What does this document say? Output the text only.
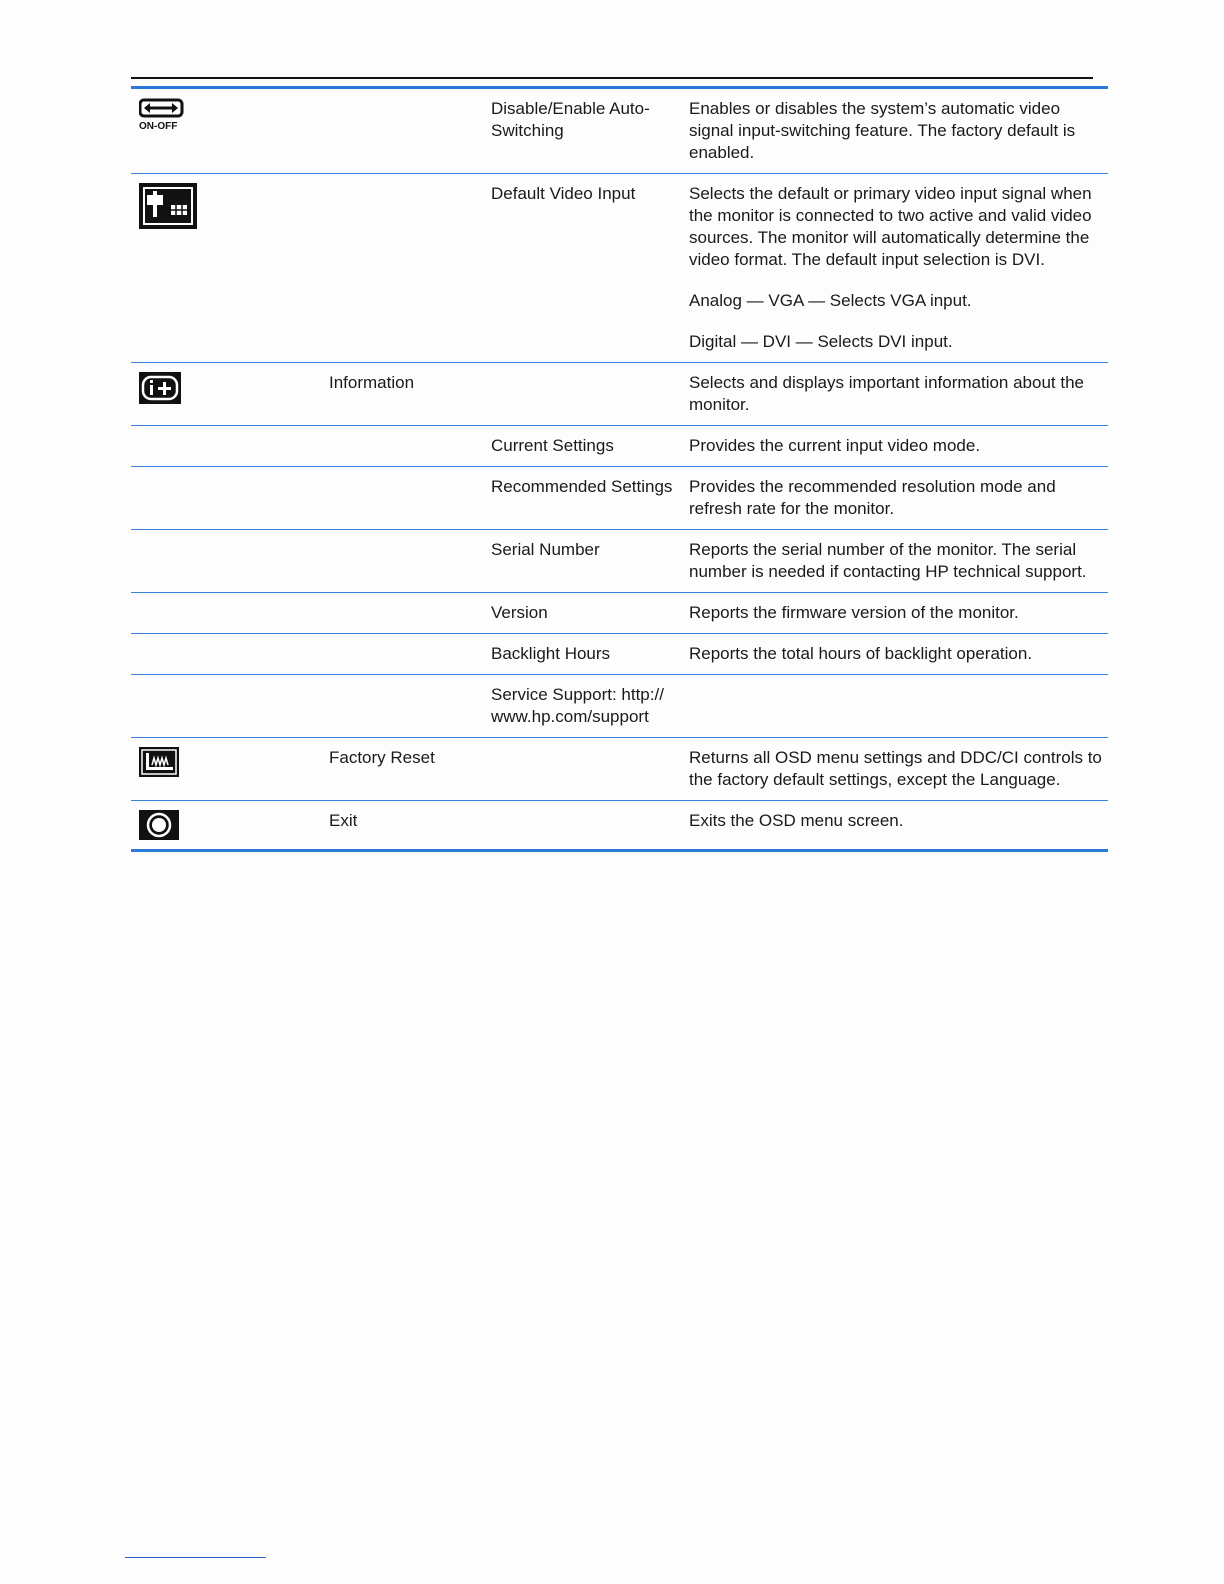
ON-OFF		Disable/Enable Auto-Switching	Enables or disables the system’s automatic video signal input-switching feature. The factory default is enabled.

		Default Video Input	Selects the default or primary video input signal when the monitor is connected to two active and valid video sources. The monitor will automatically determine the video format. The default input selection is DVI.

Analog — VGA — Selects VGA input.

Digital — DVI — Selects DVI input.

	Information		Selects and displays important information about the monitor.

		Current Settings	Provides the current input video mode.

		Recommended Settings	Provides the recommended resolution mode and refresh rate for the monitor.

		Serial Number	Reports the serial number of the monitor. The serial number is needed if contacting HP technical support.

		Version	Reports the firmware version of the monitor.

		Backlight Hours	Reports the total hours of backlight operation.

		Service Support: http:// www.hp.com/support	

	Factory Reset		Returns all OSD menu settings and DDC/CI controls to the factory default settings, except the Language.

	Exit		Exits the OSD menu screen.
